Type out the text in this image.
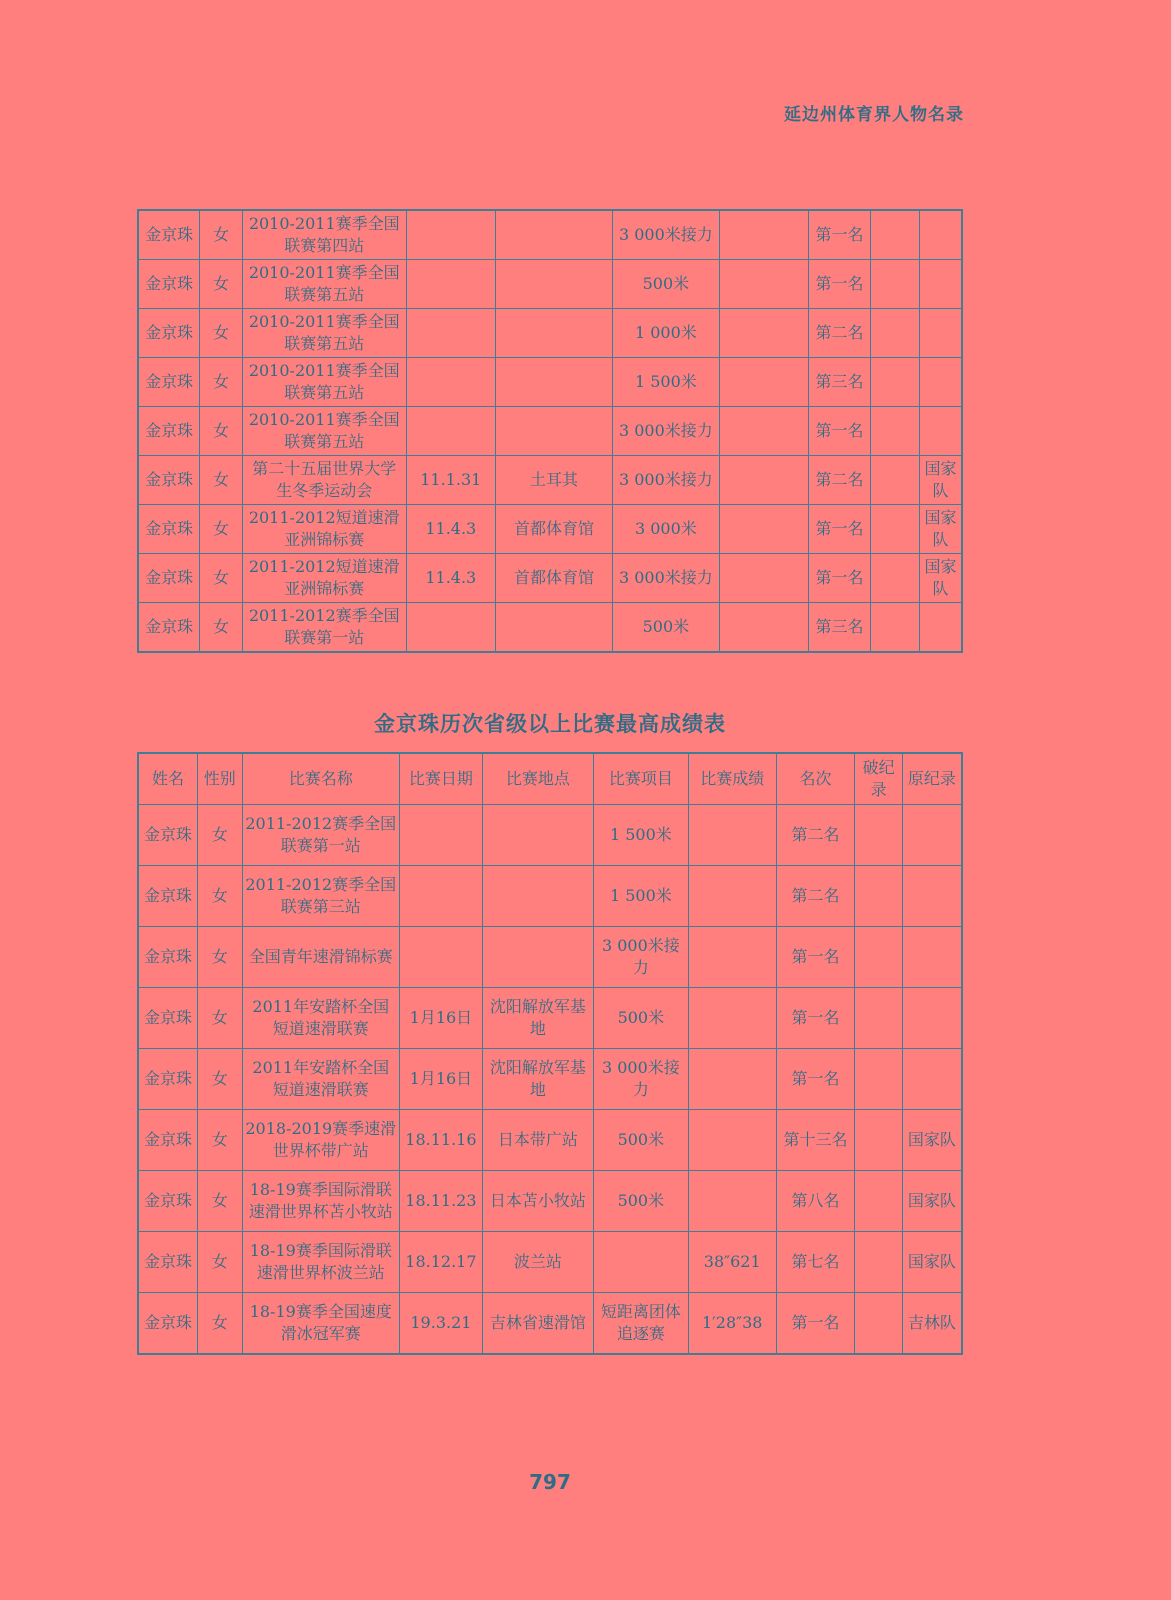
延边州体育界人物名录
金京珠	女	2010-2011赛季全国联赛第四站			3 000米接力		第一名		
金京珠	女	2010-2011赛季全国联赛第五站			500米		第一名		
金京珠	女	2010-2011赛季全国联赛第五站			1 000米		第二名		
金京珠	女	2010-2011赛季全国联赛第五站			1 500米		第三名		
金京珠	女	2010-2011赛季全国联赛第五站			3 000米接力		第一名		
金京珠	女	第二十五届世界大学生冬季运动会	11.1.31	土耳其	3 000米接力		第二名		国家队
金京珠	女	2011-2012短道速滑亚洲锦标赛	11.4.3	首都体育馆	3 000米		第一名		国家队
金京珠	女	2011-2012短道速滑亚洲锦标赛	11.4.3	首都体育馆	3 000米接力		第一名		国家队
金京珠	女	2011-2012赛季全国联赛第一站			500米		第三名		
金京珠历次省级以上比赛最高成绩表
姓名	性别	比赛名称	比赛日期	比赛地点	比赛项目	比赛成绩	名次	破纪录	原纪录
金京珠	女	2011-2012赛季全国联赛第一站			1 500米		第二名		
金京珠	女	2011-2012赛季全国联赛第三站			1 500米		第二名		
金京珠	女	全国青年速滑锦标赛			3 000米接力		第一名		
金京珠	女	2011年安踏杯全国短道速滑联赛	1月16日	沈阳解放军基地	500米		第一名		
金京珠	女	2011年安踏杯全国短道速滑联赛	1月16日	沈阳解放军基地	3 000米接力		第一名		
金京珠	女	2018-2019赛季速滑世界杯带广站	18.11.16	日本带广站	500米		第十三名		国家队
金京珠	女	18-19赛季国际滑联速滑世界杯苫小牧站	18.11.23	日本苫小牧站	500米		第八名		国家队
金京珠	女	18-19赛季国际滑联速滑世界杯波兰站	18.12.17	波兰站		38″621	第七名		国家队
金京珠	女	18-19赛季全国速度滑冰冠军赛	19.3.21	吉林省速滑馆	短距离团体追逐赛	1′28″38	第一名		吉林队
797
